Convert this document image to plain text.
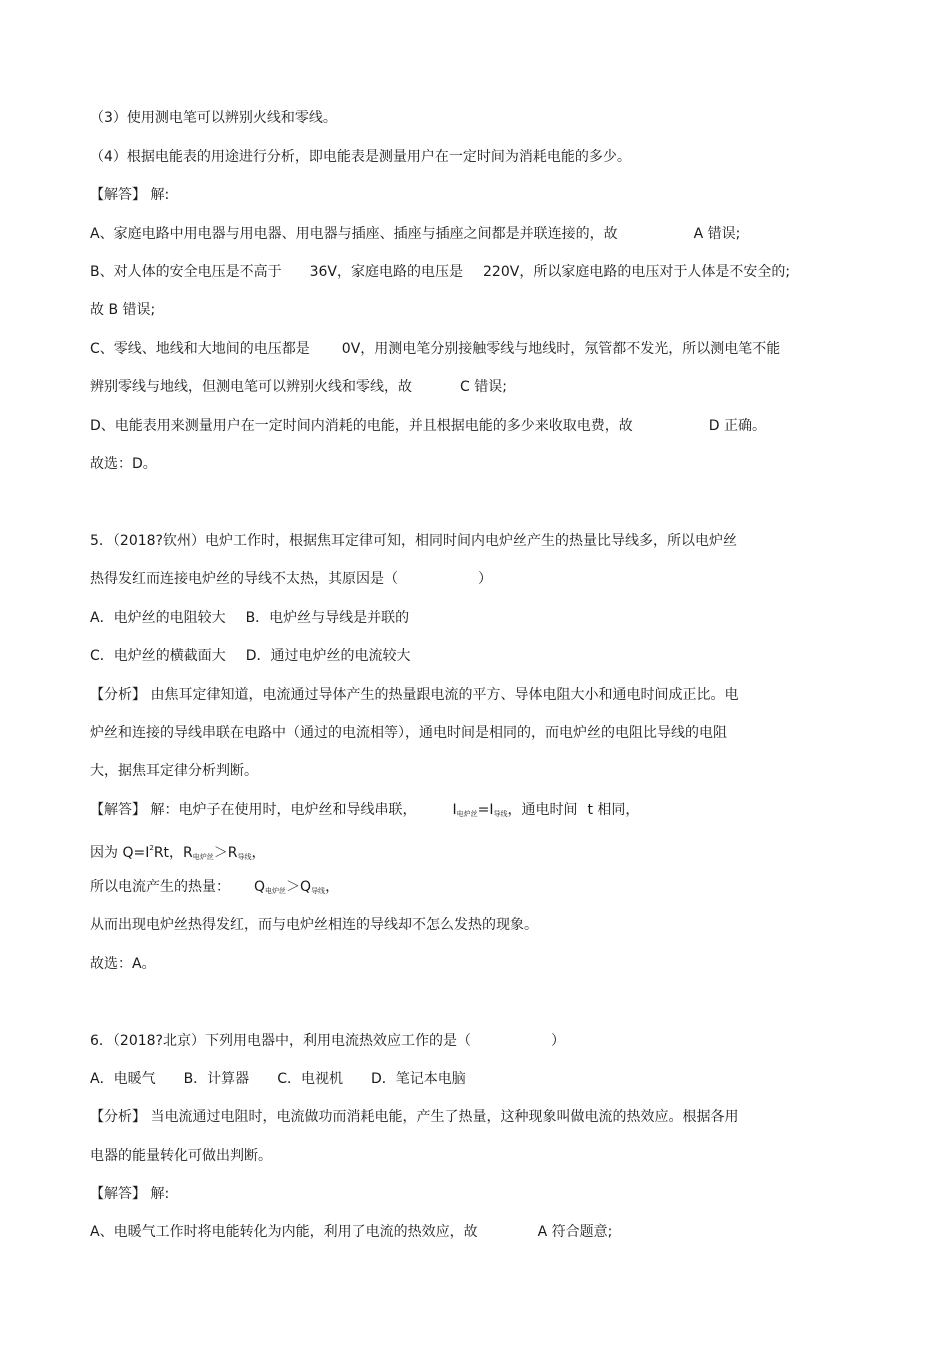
（3）使用测电笔可以辨别火线和零线。
（4）根据电能表的用途进行分析，即电能表是测量用户在一定时间为消耗电能的多少。
【解答】 解:
A、家庭电路中用电器与用电器、用电器与插座、插座与插座之间都是并联连接的，故	A 错误;
B、对人体的安全电压是不高于 36V，家庭电路的电压是 220V，所以家庭电路的电压对于人体是不安全的;
故 B 错误;
C、零线、地线和大地间的电压都是 0V，用测电笔分别接触零线与地线时，氖管都不发光，所以测电笔不能
辨别零线与地线，但测电笔可以辨别火线和零线，故	C 错误;
D、电能表用来测量用户在一定时间内消耗的电能，并且根据电能的多少来收取电费，故	D 正确。
故选：D。
5．（2018?钦州）电炉工作时，根据焦耳定律可知，相同时间内电炉丝产生的热量比导线多，所以电炉丝
热得发红而连接电炉丝的导线不太热，其原因是（	）
A．电炉丝的电阻较大 B．电炉丝与导线是并联的
C．电炉丝的横截面大 D．通过电炉丝的电流较大
【分析】 由焦耳定律知道，电流通过导体产生的热量跟电流的平方、导体电阻大小和通电时间成正比。电
炉丝和连接的导线串联在电路中（通过的电流相等），通电时间是相同的，而电炉丝的电阻比导线的电阻
大，据焦耳定律分析判断。
【解答】 解：电炉子在使用时，电炉丝和导线串联，	$I_{电炉丝}=I_{导线}$，通电时间 t 相同，
因为 $Q=I^2Rt$，$R_{电炉丝}>R_{导线}$，
所以电流产生的热量： $Q_{电炉丝}>Q_{导线}$，
从而出现电炉丝热得发红，而与电炉丝相连的导线却不怎么发热的现象。
故选：A。
6．（2018?北京）下列用电器中，利用电流热效应工作的是（	）
A．电暖气 B．计算器 C．电视机 D．笔记本电脑
【分析】 当电流通过电阻时，电流做功而消耗电能，产生了热量，这种现象叫做电流的热效应。根据各用
电器的能量转化可做出判断。
【解答】 解:
A、电暖气工作时将电能转化为内能，利用了电流的热效应，故	A 符合题意;
